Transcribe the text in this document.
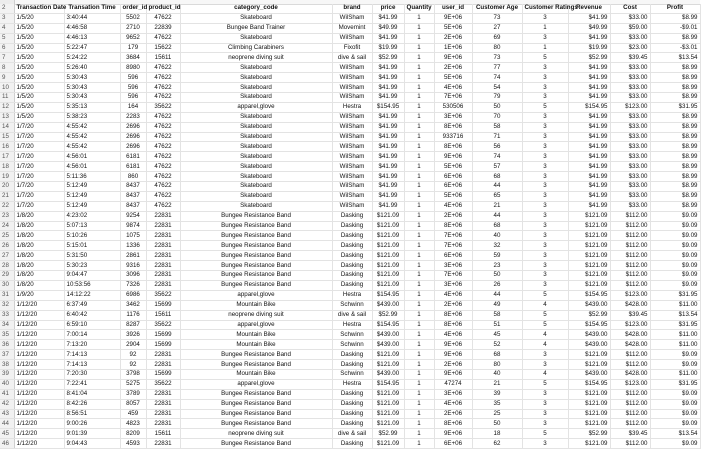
2	Transaction Date	Transation Time	order_id	product_id	category_code	brand	price	Quantity	user_id	Customer Age	Customer Ratings	Revenue	Cost	Profit
3	1/5/20	3:40:44	5502	47622	Skateboard	WilSham	$41.99	1	9E+06	73	3	$41.99	$33.00	$8.99
4	1/5/20	4:46:58	2710	22839	Bungee Band Trainer	Movemint	$49.99	1	5E+06	27	1	$49.99	$59.00	-$9.01
5	1/5/20	4:46:13	9652	47622	Skateboard	WilSham	$41.99	1	2E+06	69	3	$41.99	$33.00	$8.99
6	1/5/20	5:22:47	179	15622	Climbing Carabiners	Fixofit	$19.99	1	1E+06	80	1	$19.99	$23.00	-$3.01
7	1/5/20	5:24:22	3684	15611	neoprene diving suit	dive & sail	$52.99	1	9E+06	73	5	$52.99	$39.45	$13.54
8	1/5/20	5:26:40	8980	47622	Skateboard	WilSham	$41.99	1	2E+06	77	3	$41.99	$33.00	$8.99
9	1/5/20	5:30:43	596	47622	Skateboard	WilSham	$41.99	1	5E+06	74	3	$41.99	$33.00	$8.99
10	1/5/20	5:30:43	596	47622	Skateboard	WilSham	$41.99	1	4E+06	54	3	$41.99	$33.00	$8.99
11	1/5/20	5:30:43	596	47622	Skateboard	WilSham	$41.99	1	7E+06	79	3	$41.99	$33.00	$8.99
12	1/5/20	5:35:13	164	35622	apparel,glove	Hestra	$154.95	1	530506	50	5	$154.95	$123.00	$31.95
13	1/5/20	5:38:23	2283	47622	Skateboard	WilSham	$41.99	1	3E+06	70	3	$41.99	$33.00	$8.99
14	1/7/20	4:55:42	2696	47622	Skateboard	WilSham	$41.99	1	8E+06	58	3	$41.99	$33.00	$8.99
15	1/7/20	4:55:42	2696	47622	Skateboard	WilSham	$41.99	1	933716	71	3	$41.99	$33.00	$8.99
16	1/7/20	4:55:42	2696	47622	Skateboard	WilSham	$41.99	1	8E+06	56	3	$41.99	$33.00	$8.99
17	1/7/20	4:56:01	6181	47622	Skateboard	WilSham	$41.99	1	9E+06	74	3	$41.99	$33.00	$8.99
18	1/7/20	4:56:01	6181	47622	Skateboard	WilSham	$41.99	1	5E+06	57	3	$41.99	$33.00	$8.99
19	1/7/20	5:11:36	860	47622	Skateboard	WilSham	$41.99	1	6E+06	68	3	$41.99	$33.00	$8.99
20	1/7/20	5:12:49	8437	47622	Skateboard	WilSham	$41.99	1	6E+06	44	3	$41.99	$33.00	$8.99
21	1/7/20	5:12:49	8437	47622	Skateboard	WilSham	$41.99	1	5E+06	65	3	$41.99	$33.00	$8.99
22	1/7/20	5:12:49	8437	47622	Skateboard	WilSham	$41.99	1	4E+06	21	3	$41.99	$33.00	$8.99
23	1/8/20	4:23:02	9254	22831	Bungee Resistance Band	Dasking	$121.09	1	2E+06	44	3	$121.09	$112.00	$9.09
24	1/8/20	5:07:13	9874	22831	Bungee Resistance Band	Dasking	$121.09	1	8E+06	68	3	$121.09	$112.00	$9.09
25	1/8/20	5:10:26	1075	22831	Bungee Resistance Band	Dasking	$121.09	1	7E+06	40	3	$121.09	$112.00	$9.09
26	1/8/20	5:15:01	1336	22831	Bungee Resistance Band	Dasking	$121.09	1	7E+06	32	3	$121.09	$112.00	$9.09
27	1/8/20	5:31:50	2861	22831	Bungee Resistance Band	Dasking	$121.09	1	6E+06	59	3	$121.09	$112.00	$9.09
28	1/8/20	5:30:23	9316	22831	Bungee Resistance Band	Dasking	$121.09	1	3E+06	23	3	$121.09	$112.00	$9.09
29	1/8/20	9:04:47	3096	22831	Bungee Resistance Band	Dasking	$121.09	1	7E+06	50	3	$121.09	$112.00	$9.09
30	1/8/20	10:53:56	7326	22831	Bungee Resistance Band	Dasking	$121.09	1	3E+06	26	3	$121.09	$112.00	$9.09
31	1/9/20	14:12:22	6986	35622	apparel,glove	Hestra	$154.95	1	4E+06	44	5	$154.95	$123.00	$31.95
32	1/12/20	6:37:49	3462	15699	Mountain Bike	Schwinn	$439.00	1	2E+06	49	4	$439.00	$428.00	$11.00
33	1/12/20	6:40:42	1176	15611	neoprene diving suit	dive & sail	$52.99	1	8E+06	58	5	$52.99	$39.45	$13.54
34	1/12/20	6:59:10	8287	35622	apparel,glove	Hestra	$154.95	1	8E+06	51	5	$154.95	$123.00	$31.95
35	1/12/20	7:00:14	3926	15699	Mountain Bike	Schwinn	$439.00	1	4E+06	45	4	$439.00	$428.00	$11.00
36	1/12/20	7:13:20	2904	15699	Mountain Bike	Schwinn	$439.00	1	9E+06	52	4	$439.00	$428.00	$11.00
37	1/12/20	7:14:13	92	22831	Bungee Resistance Band	Dasking	$121.09	1	9E+06	68	3	$121.09	$112.00	$9.09
38	1/12/20	7:14:13	92	22831	Bungee Resistance Band	Dasking	$121.09	1	2E+06	80	3	$121.09	$112.00	$9.09
39	1/12/20	7:20:30	3798	15699	Mountain Bike	Schwinn	$439.00	1	9E+06	40	4	$439.00	$428.00	$11.00
40	1/12/20	7:22:41	5275	35622	apparel,glove	Hestra	$154.95	1	47274	21	5	$154.95	$123.00	$31.95
41	1/12/20	8:41:04	3789	22831	Bungee Resistance Band	Dasking	$121.09	1	3E+06	39	3	$121.09	$112.00	$9.09
42	1/12/20	8:42:26	8057	22831	Bungee Resistance Band	Dasking	$121.09	1	4E+06	35	3	$121.09	$112.00	$9.09
43	1/12/20	8:56:51	459	22831	Bungee Resistance Band	Dasking	$121.09	1	2E+06	25	3	$121.09	$112.00	$9.09
44	1/12/20	9:00:26	4823	22831	Bungee Resistance Band	Dasking	$121.09	1	8E+06	50	3	$121.09	$112.00	$9.09
45	1/12/20	9:01:39	8209	15611	neoprene diving suit	dive & sail	$52.99	1	9E+06	18	5	$52.99	$39.45	$13.54
46	1/12/20	9:04:43	4593	22831	Bungee Resistance Band	Dasking	$121.09	1	6E+06	62	3	$121.09	$112.00	$9.09
